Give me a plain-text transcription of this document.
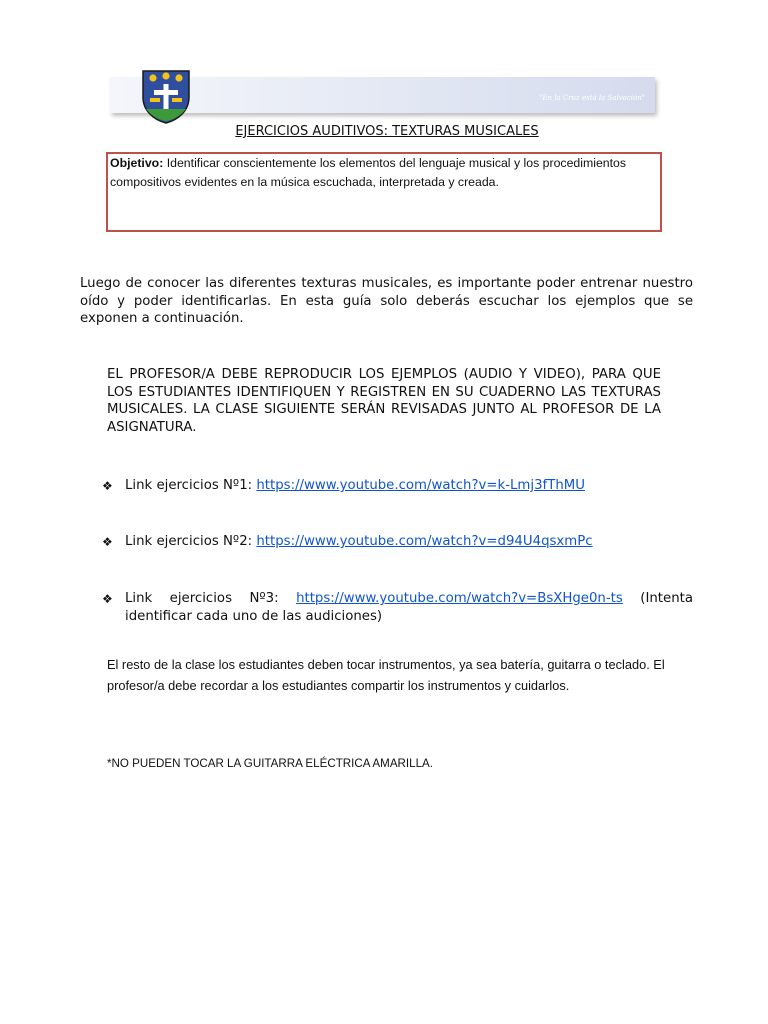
"En la Cruz está la Salvación"
EJERCICIOS AUDITIVOS: TEXTURAS MUSICALES
Objetivo: Identificar conscientemente los elementos del lenguaje musical y los procedimientos compositivos evidentes en la música escuchada, interpretada y creada.
Luego de conocer las diferentes texturas musicales, es importante poder entrenar nuestro oído y poder identificarlas. En esta guía solo deberás escuchar los ejemplos que se exponen a continuación.
EL PROFESOR/A DEBE REPRODUCIR LOS EJEMPLOS (AUDIO Y VIDEO), PARA QUE LOS ESTUDIANTES IDENTIFIQUEN Y REGISTREN EN SU CUADERNO LAS TEXTURAS MUSICALES. LA CLASE SIGUIENTE SERÁN REVISADAS JUNTO AL PROFESOR DE LA ASIGNATURA.
❖ Link ejercicios Nº1: https://www.youtube.com/watch?v=k-Lmj3fThMU
❖ Link ejercicios Nº2: https://www.youtube.com/watch?v=d94U4qsxmPc
❖ Link ejercicios Nº3: https://www.youtube.com/watch?v=BsXHge0n-ts (Intenta identificar cada uno de las audiciones)
El resto de la clase los estudiantes deben tocar instrumentos, ya sea batería, guitarra o teclado. El profesor/a debe recordar a los estudiantes compartir los instrumentos y cuidarlos.
*NO PUEDEN TOCAR LA GUITARRA ELÉCTRICA AMARILLA.
